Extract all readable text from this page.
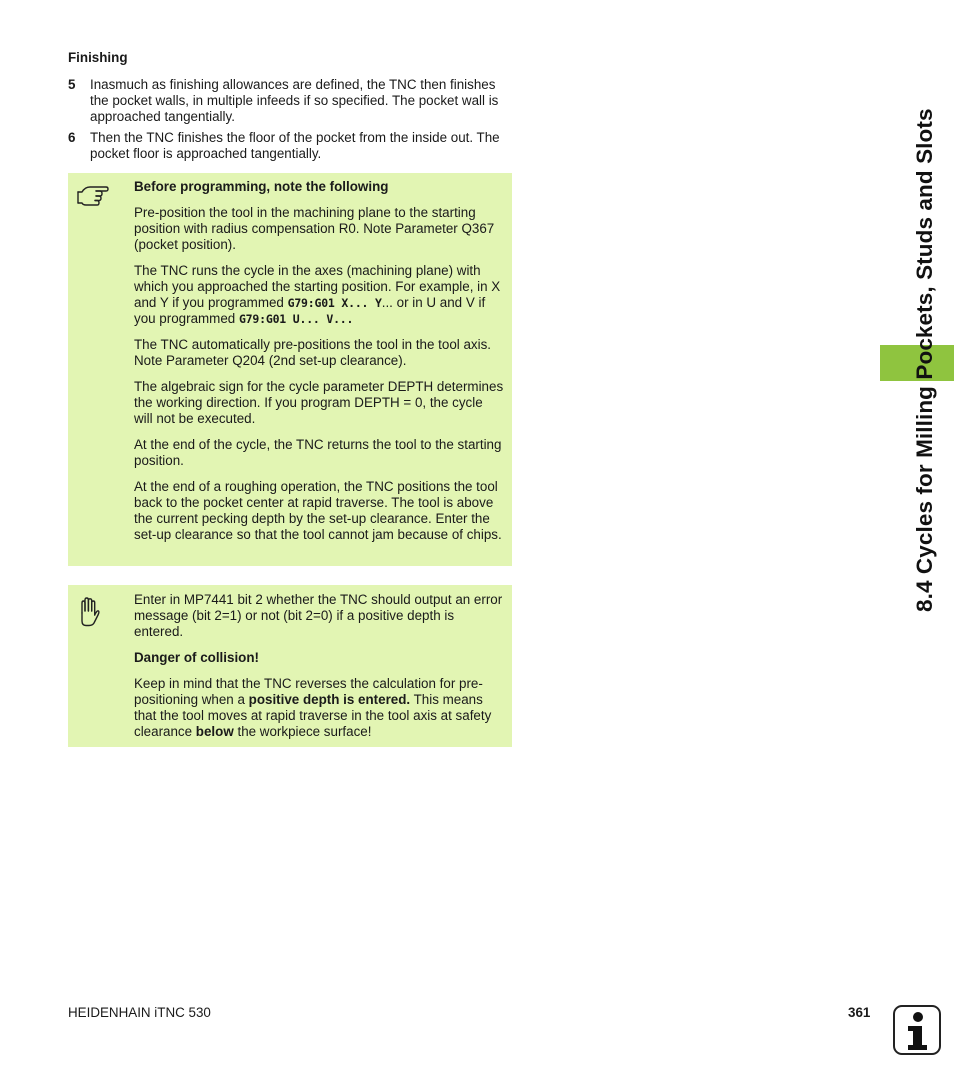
Finishing
5 Inasmuch as finishing allowances are defined, the TNC then finishes the pocket walls, in multiple infeeds if so specified. The pocket wall is approached tangentially.
6 Then the TNC finishes the floor of the pocket from the inside out. The pocket floor is approached tangentially.

Before programming, note the following

Pre-position the tool in the machining plane to the starting position with radius compensation R0. Note Parameter Q367 (pocket position).

The TNC runs the cycle in the axes (machining plane) with which you approached the starting position. For example, in X and Y if you programmed G79:G01 X... Y... or in U and V if you programmed G79:G01 U... V...

The TNC automatically pre-positions the tool in the tool axis. Note Parameter Q204 (2nd set-up clearance).

The algebraic sign for the cycle parameter DEPTH determines the working direction. If you program DEPTH = 0, the cycle will not be executed.

At the end of the cycle, the TNC returns the tool to the starting position.

At the end of a roughing operation, the TNC positions the tool back to the pocket center at rapid traverse. The tool is above the current pecking depth by the set-up clearance. Enter the set-up clearance so that the tool cannot jam because of chips.

Enter in MP7441 bit 2 whether the TNC should output an error message (bit 2=1) or not (bit 2=0) if a positive depth is entered.

Danger of collision!

Keep in mind that the TNC reverses the calculation for pre-positioning when a positive depth is entered. This means that the tool moves at rapid traverse in the tool axis at safety clearance below the workpiece surface!

8.4 Cycles for Milling Pockets, Studs and Slots
HEIDENHAIN iTNC 530	361
